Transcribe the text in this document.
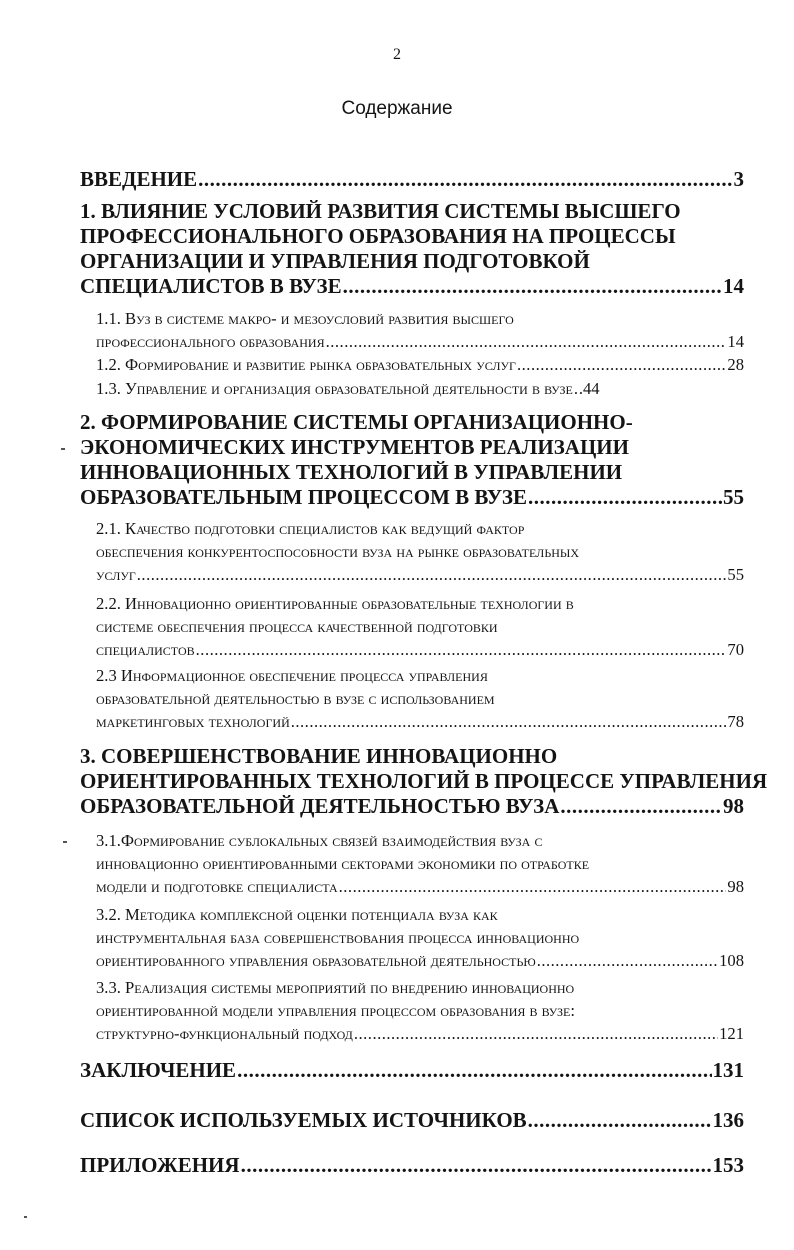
2
Содержание
ВВЕДЕНИЕ .....	3
1. ВЛИЯНИЕ УСЛОВИЙ РАЗВИТИЯ СИСТЕМЫ ВЫСШЕГО
ПРОФЕССИОНАЛЬНОГО ОБРАЗОВАНИЯ НА ПРОЦЕССЫ
ОРГАНИЗАЦИИ И УПРАВЛЕНИЯ ПОДГОТОВКОЙ
СПЕЦИАЛИСТОВ В ВУЗЕ .....	14
1.1. Вуз в системе макро- и мезоусловий развития высшего
профессионального образования .....	14
1.2. Формирование и развитие рынка образовательных услуг .....	28
1.3. Управление и организация образовательной деятельности в вузе ..... .44
2. ФОРМИРОВАНИЕ СИСТЕМЫ ОРГАНИЗАЦИОННО-
ЭКОНОМИЧЕСКИХ ИНСТРУМЕНТОВ РЕАЛИЗАЦИИ
ИННОВАЦИОННЫХ ТЕХНОЛОГИЙ В УПРАВЛЕНИИ
ОБРАЗОВАТЕЛЬНЫМ ПРОЦЕССОМ В ВУЗЕ .....	55
2.1. Качество подготовки специалистов как ведущий фактор
обеспечения конкурентоспособности вуза на рынке образовательных
услуг .....	55
2.2. Инновационно ориентированные образовательные технологии в
системе обеспечения процесса качественной подготовки
специалистов .....	70
2.3 Информационное обеспечение процесса управления
образовательной деятельностью в вузе с использованием
маркетинговых технологий .....	78
3. СОВЕРШЕНСТВОВАНИЕ ИННОВАЦИОННО
ОРИЕНТИРОВАННЫХ ТЕХНОЛОГИЙ В ПРОЦЕССЕ УПРАВЛЕНИЯ
ОБРАЗОВАТЕЛЬНОЙ ДЕЯТЕЛЬНОСТЬЮ ВУЗА .....	98
3.1.Формирование сублокальных связей взаимодействия вуза с
инновационно ориентированными секторами экономики по отработке
модели и подготовке специалиста .....	98
3.2. Методика комплексной оценки потенциала вуза как
инструментальная база совершенствования процесса инновационно
ориентированного управления образовательной деятельностью .....	108
3.3. Реализация системы мероприятий по внедрению инновационно
ориентированной модели управления процессом образования в вузе:
структурно-функциональный подход .....	121
ЗАКЛЮЧЕНИЕ .....	131
СПИСОК ИСПОЛЬЗУЕМЫХ ИСТОЧНИКОВ .....	136
ПРИЛОЖЕНИЯ .....	153
